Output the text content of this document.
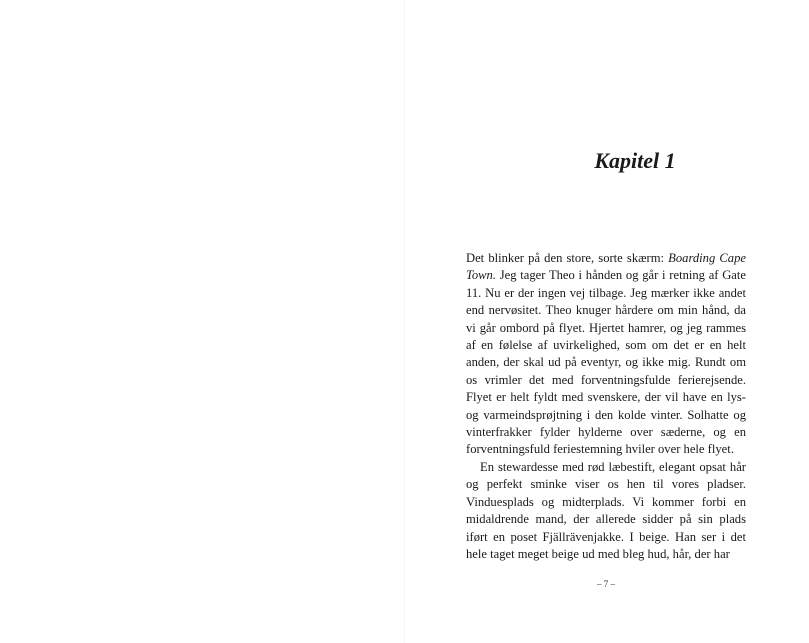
Kapitel 1

Det blinker på den store, sorte skærm: Boarding Cape Town. Jeg tager Theo i hånden og går i retning af Gate 11. Nu er der ingen vej tilbage. Jeg mærker ikke andet end nervøsitet. Theo knuger hårdere om min hånd, da vi går ombord på flyet. Hjertet hamrer, og jeg rammes af en følelse af uvirkelighed, som om det er en helt anden, der skal ud på eventyr, og ikke mig. Rundt om os vrimler det med forventningsfulde ferierejsende. Flyet er helt fyldt med svenskere, der vil have en lys- og varmeindsprøjtning i den kolde vinter. Solhatte og vinterfrakker fylder hylderne over sæderne, og en forventningsfuld feriestemning hviler over hele flyet.

En stewardesse med rød læbestift, elegant opsat hår og perfekt sminke viser os hen til vores pladser. Vinduesplads og midterplads. Vi kommer forbi en midaldrende mand, der allerede sidder på sin plads iført en poset Fjällrävenjakke. I beige. Han ser i det hele taget meget beige ud med bleg hud, hår, der har

– 7 –
